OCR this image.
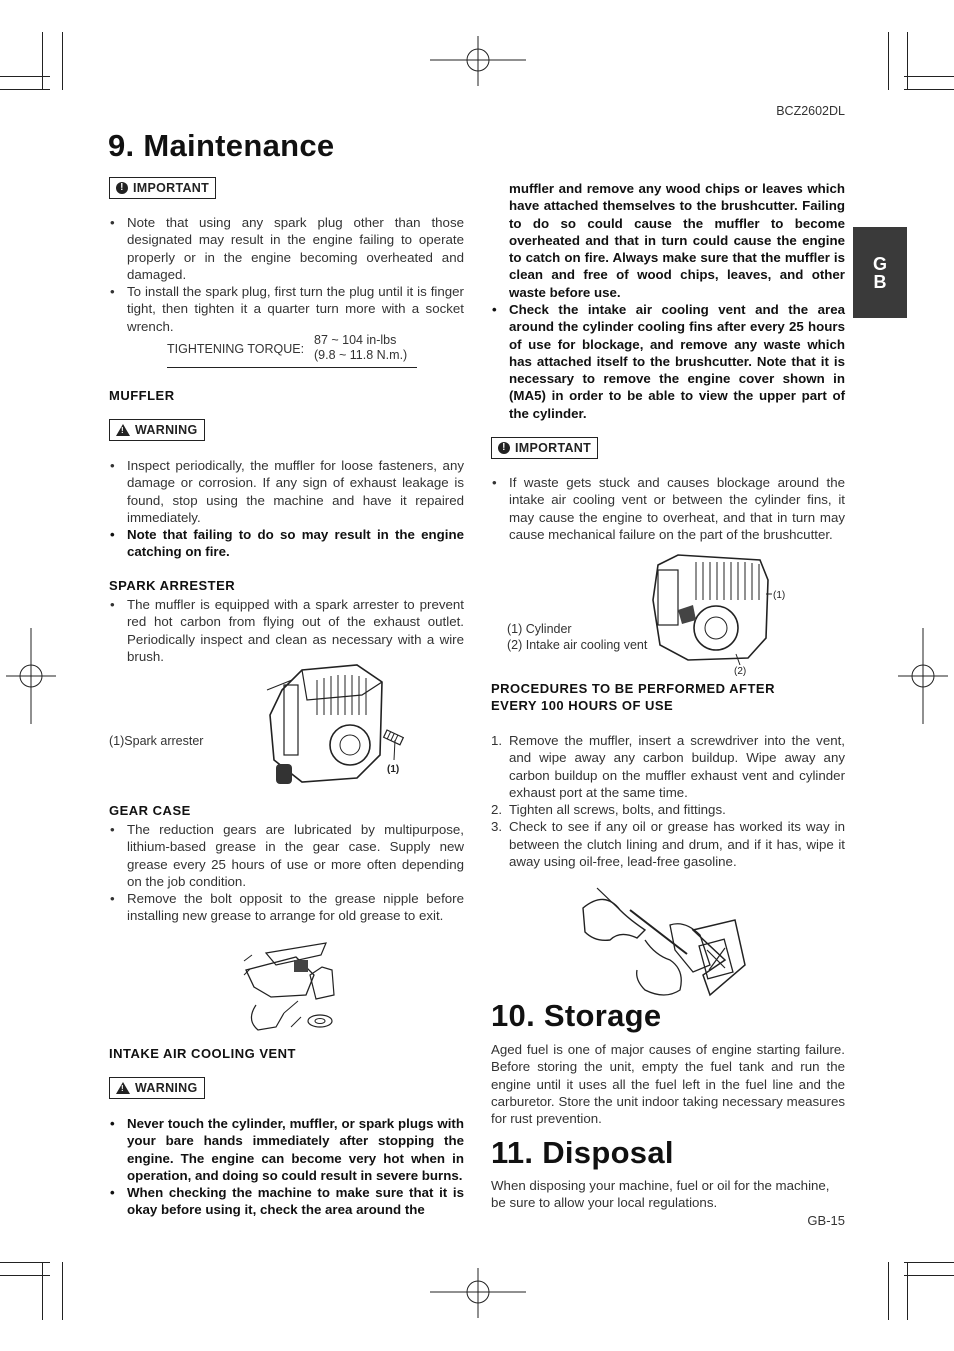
BCZ2602DL
G
B
9. Maintenance
! IMPORTANT
• Note that using any spark plug other than those designated may result in the engine failing to operate properly or in the engine becoming overheated and damaged.
• To install the spark plug, first turn the plug until it is finger tight, then tighten it a quarter turn more with a socket wrench.
TIGHTENING TORQUE:
87 ~ 104 in-lbs
(9.8 ~ 11.8 N.m.)
MUFFLER
! WARNING
• Inspect periodically, the muffler for loose fasteners, any damage or corrosion. If any sign of exhaust leakage is found, stop using the machine and have it repaired immediately.
• Note that failing to do so may result in the engine catching on fire.
SPARK ARRESTER
• The muffler is equipped with a spark arrester to prevent red hot carbon from flying out of the exhaust outlet. Periodically inspect and clean as necessary with a wire brush.
(1)Spark arrester
(1)
GEAR CASE
• The reduction gears are lubricated by multipurpose, lithium-based grease in the gear case. Supply new grease every 25 hours of use or more often depending on the job condition.
• Remove the bolt opposit to the grease nipple before installing new grease to arrange for old grease to exit.
INTAKE AIR COOLING VENT
! WARNING
• Never touch the cylinder, muffler, or spark plugs with your bare hands immediately after stopping the engine. The engine can become very hot when in operation, and doing so could result in severe burns.
• When checking the machine to make sure that it is okay before using it, check the area around the
muffler and remove any wood chips or leaves which have attached themselves to the brushcutter. Failing to do so could cause the muffler to become overheated and that in turn could cause the engine to catch on fire. Always make sure that the muffler is clean and free of wood chips, leaves, and other waste before use.
• Check the intake air cooling vent and the area around the cylinder cooling fins after every 25 hours of use for blockage, and remove any waste which has attached itself to the brushcutter. Note that it is necessary to remove the engine cover shown in (MA5) in order to be able to view the upper part of the cylinder.
! IMPORTANT
• If waste gets stuck and causes blockage around the intake air cooling vent or between the cylinder fins, it may cause the engine to overheat, and that in turn may cause mechanical failure on the part of the brushcutter.
(1) Cylinder
(2) Intake air cooling vent
(1)
(2)
PROCEDURES TO BE PERFORMED AFTER
EVERY 100 HOURS OF USE
1. Remove the muffler, insert a screwdriver into the vent, and wipe away any carbon buildup. Wipe away any carbon buildup on the muffler exhaust vent and cylinder exhaust port at the same time.
2. Tighten all screws, bolts, and fittings.
3. Check to see if any oil or grease has worked its way in between the clutch lining and drum, and if it has, wipe it away using oil-free, lead-free gasoline.
10. Storage
Aged fuel is one of major causes of engine starting failure. Before storing the unit, empty the fuel tank and run the engine until it uses all the fuel left in the fuel line and the carburetor. Store the unit indoor taking necessary measures for rust prevention.
11. Disposal
When disposing your machine, fuel or oil for the machine, be sure to allow your local regulations.
GB-15
